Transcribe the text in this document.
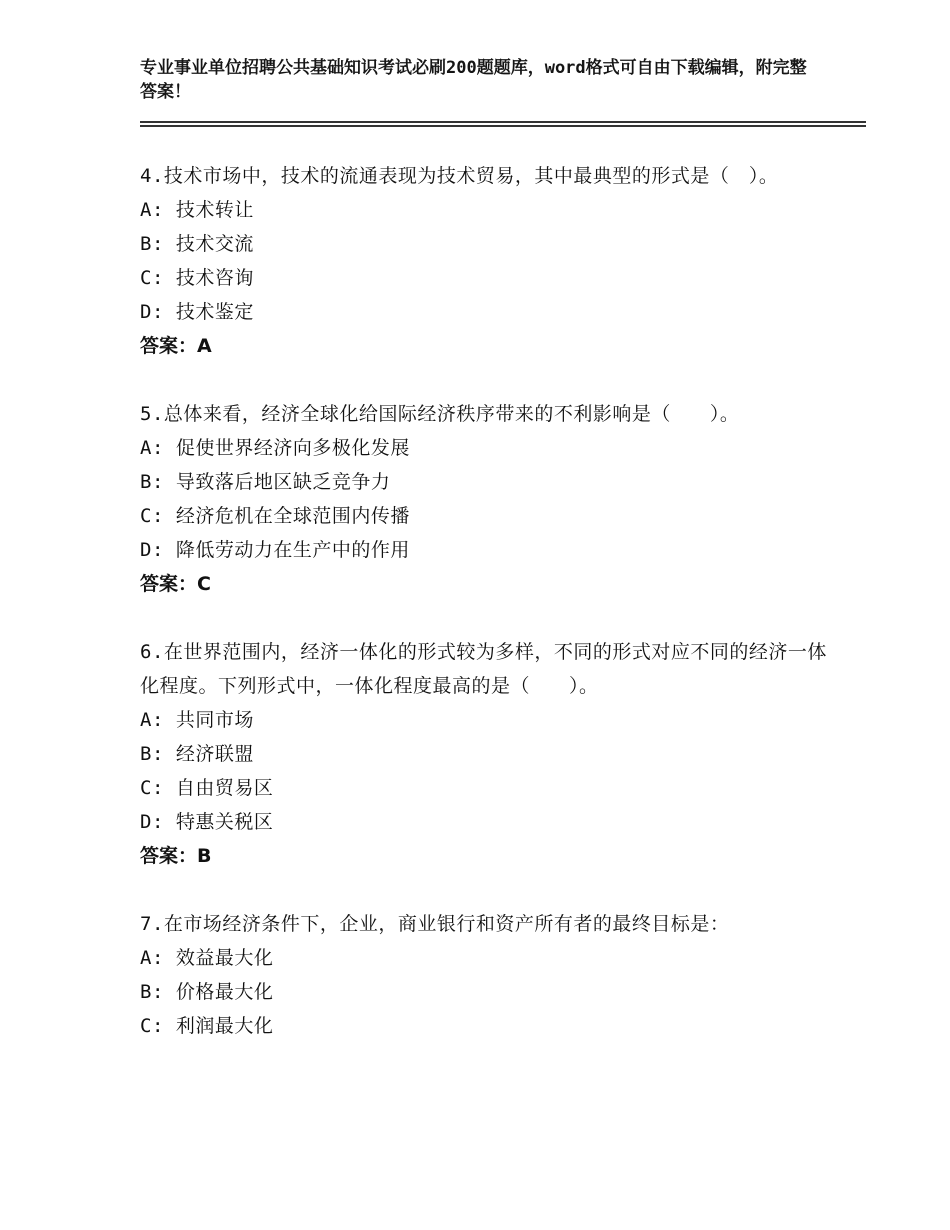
专业事业单位招聘公共基础知识考试必刷200题题库，word格式可自由下载编辑，附完整答案！
4.技术市场中，技术的流通表现为技术贸易，其中最典型的形式是（　）。
A: 技术转让
B: 技术交流
C: 技术咨询
D: 技术鉴定
答案：A
5.总体来看，经济全球化给国际经济秩序带来的不利影响是（　　）。
A: 促使世界经济向多极化发展
B: 导致落后地区缺乏竞争力
C: 经济危机在全球范围内传播
D: 降低劳动力在生产中的作用
答案：C
6.在世界范围内，经济一体化的形式较为多样，不同的形式对应不同的经济一体化程度。下列形式中，一体化程度最高的是（　　）。
A: 共同市场
B: 经济联盟
C: 自由贸易区
D: 特惠关税区
答案：B
7.在市场经济条件下，企业，商业银行和资产所有者的最终目标是：
A: 效益最大化
B: 价格最大化
C: 利润最大化
